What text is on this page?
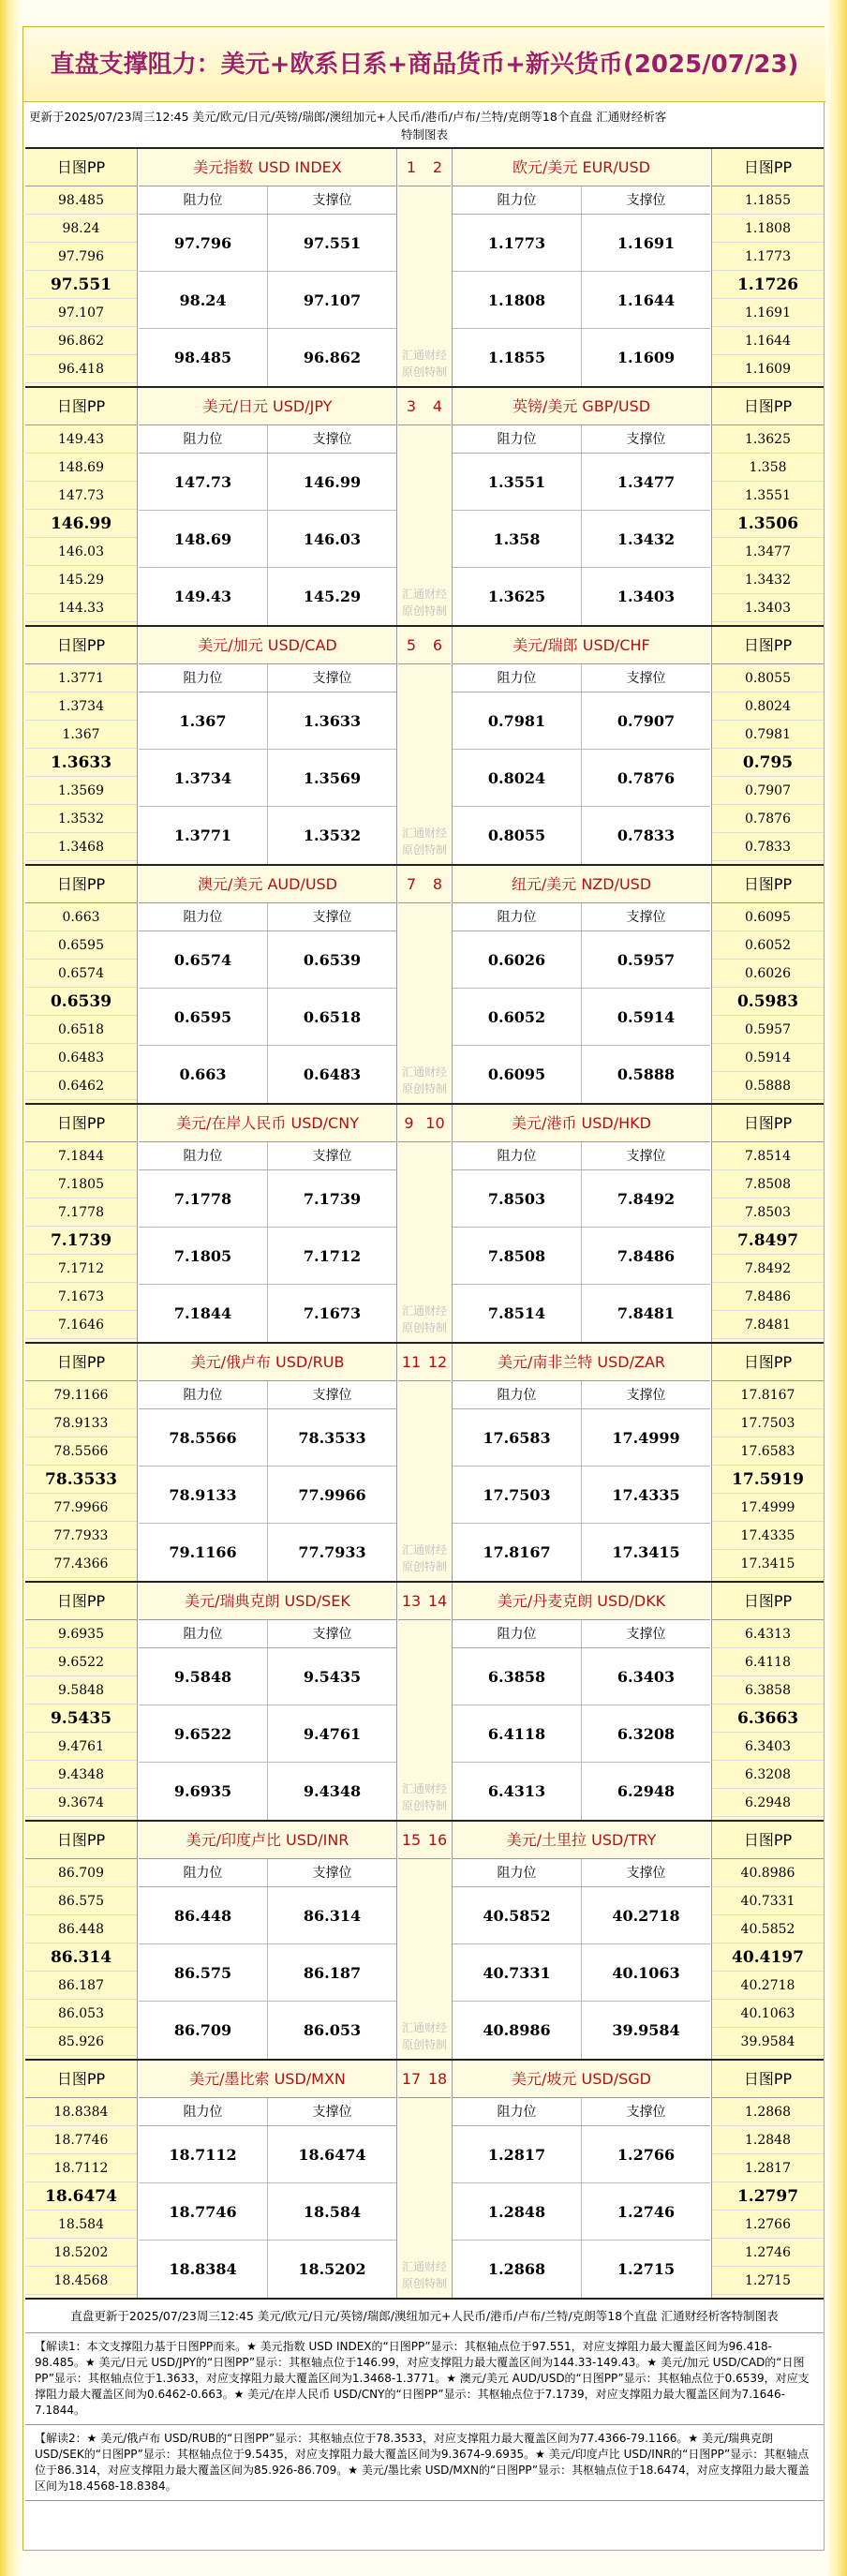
直盘支撑阻力：美元+欧系日系+商品货币+新兴货币(2025/07/23)
更新于2025/07/23周三12:45 美元/欧元/日元/英镑/瑞郎/澳纽加元+人民币/港币/卢布/兰特/克朗等18个直盘 汇通财经析客
特制图表
日图PP
98.485
98.24
97.796
97.551
97.107
96.862
96.418
美元指数 USD INDEX
阻力位	支撑位
97.796	97.551
98.24	97.107
98.485	96.862
日图PP
1.1855
1.1808
1.1773
1.1726
1.1691
1.1644
1.1609
欧元/美元 EUR/USD
阻力位	支撑位
1.1773	1.1691
1.1808	1.1644
1.1855	1.1609
1 2
汇通财经
原创特制
日图PP
149.43
148.69
147.73
146.99
146.03
145.29
144.33
美元/日元 USD/JPY
阻力位	支撑位
147.73	146.99
148.69	146.03
149.43	145.29
日图PP
1.3625
1.358
1.3551
1.3506
1.3477
1.3432
1.3403
英镑/美元 GBP/USD
阻力位	支撑位
1.3551	1.3477
1.358	1.3432
1.3625	1.3403
3 4
汇通财经
原创特制
日图PP
1.3771
1.3734
1.367
1.3633
1.3569
1.3532
1.3468
美元/加元 USD/CAD
阻力位	支撑位
1.367	1.3633
1.3734	1.3569
1.3771	1.3532
日图PP
0.8055
0.8024
0.7981
0.795
0.7907
0.7876
0.7833
美元/瑞郎 USD/CHF
阻力位	支撑位
0.7981	0.7907
0.8024	0.7876
0.8055	0.7833
5 6
汇通财经
原创特制
日图PP
0.663
0.6595
0.6574
0.6539
0.6518
0.6483
0.6462
澳元/美元 AUD/USD
阻力位	支撑位
0.6574	0.6539
0.6595	0.6518
0.663	0.6483
日图PP
0.6095
0.6052
0.6026
0.5983
0.5957
0.5914
0.5888
纽元/美元 NZD/USD
阻力位	支撑位
0.6026	0.5957
0.6052	0.5914
0.6095	0.5888
7 8
汇通财经
原创特制
日图PP
7.1844
7.1805
7.1778
7.1739
7.1712
7.1673
7.1646
美元/在岸人民币 USD/CNY
阻力位	支撑位
7.1778	7.1739
7.1805	7.1712
7.1844	7.1673
日图PP
7.8514
7.8508
7.8503
7.8497
7.8492
7.8486
7.8481
美元/港币 USD/HKD
阻力位	支撑位
7.8503	7.8492
7.8508	7.8486
7.8514	7.8481
9 10
汇通财经
原创特制
日图PP
79.1166
78.9133
78.5566
78.3533
77.9966
77.7933
77.4366
美元/俄卢布 USD/RUB
阻力位	支撑位
78.5566	78.3533
78.9133	77.9966
79.1166	77.7933
日图PP
17.8167
17.7503
17.6583
17.5919
17.4999
17.4335
17.3415
美元/南非兰特 USD/ZAR
阻力位	支撑位
17.6583	17.4999
17.7503	17.4335
17.8167	17.3415
11 12
汇通财经
原创特制
日图PP
9.6935
9.6522
9.5848
9.5435
9.4761
9.4348
9.3674
美元/瑞典克朗 USD/SEK
阻力位	支撑位
9.5848	9.5435
9.6522	9.4761
9.6935	9.4348
日图PP
6.4313
6.4118
6.3858
6.3663
6.3403
6.3208
6.2948
美元/丹麦克朗 USD/DKK
阻力位	支撑位
6.3858	6.3403
6.4118	6.3208
6.4313	6.2948
13 14
汇通财经
原创特制
日图PP
86.709
86.575
86.448
86.314
86.187
86.053
85.926
美元/印度卢比 USD/INR
阻力位	支撑位
86.448	86.314
86.575	86.187
86.709	86.053
日图PP
40.8986
40.7331
40.5852
40.4197
40.2718
40.1063
39.9584
美元/土里拉 USD/TRY
阻力位	支撑位
40.5852	40.2718
40.7331	40.1063
40.8986	39.9584
15 16
汇通财经
原创特制
日图PP
18.8384
18.7746
18.7112
18.6474
18.584
18.5202
18.4568
美元/墨比索 USD/MXN
阻力位	支撑位
18.7112	18.6474
18.7746	18.584
18.8384	18.5202
日图PP
1.2868
1.2848
1.2817
1.2797
1.2766
1.2746
1.2715
美元/坡元 USD/SGD
阻力位	支撑位
1.2817	1.2766
1.2848	1.2746
1.2868	1.2715
17 18
汇通财经
原创特制
直盘更新于2025/07/23周三12:45 美元/欧元/日元/英镑/瑞郎/澳纽加元+人民币/港币/卢布/兰特/克朗等18个直盘 汇通财经析客特制图表
【解读1：本文支撑阻力基于日图PP而来。★ 美元指数 USD INDEX的“日图PP”显示：其枢轴点位于97.551，对应支撑阻力最大覆盖区间为96.418-98.485。★ 美元/日元 USD/JPY的“日图PP”显示：其枢轴点位于146.99，对应支撑阻力最大覆盖区间为144.33-149.43。★ 美元/加元 USD/CAD的“日图PP”显示：其枢轴点位于1.3633，对应支撑阻力最大覆盖区间为1.3468-1.3771。★ 澳元/美元 AUD/USD的“日图PP”显示：其枢轴点位于0.6539，对应支撑阻力最大覆盖区间为0.6462-0.663。★ 美元/在岸人民币 USD/CNY的“日图PP”显示：其枢轴点位于7.1739，对应支撑阻力最大覆盖区间为7.1646-7.1844。
【解读2：★ 美元/俄卢布 USD/RUB的“日图PP”显示：其枢轴点位于78.3533，对应支撑阻力最大覆盖区间为77.4366-79.1166。★ 美元/瑞典克朗 USD/SEK的“日图PP”显示：其枢轴点位于9.5435，对应支撑阻力最大覆盖区间为9.3674-9.6935。★ 美元/印度卢比 USD/INR的“日图PP”显示：其枢轴点位于86.314，对应支撑阻力最大覆盖区间为85.926-86.709。★ 美元/墨比索 USD/MXN的“日图PP”显示：其枢轴点位于18.6474，对应支撑阻力最大覆盖区间为18.4568-18.8384。
